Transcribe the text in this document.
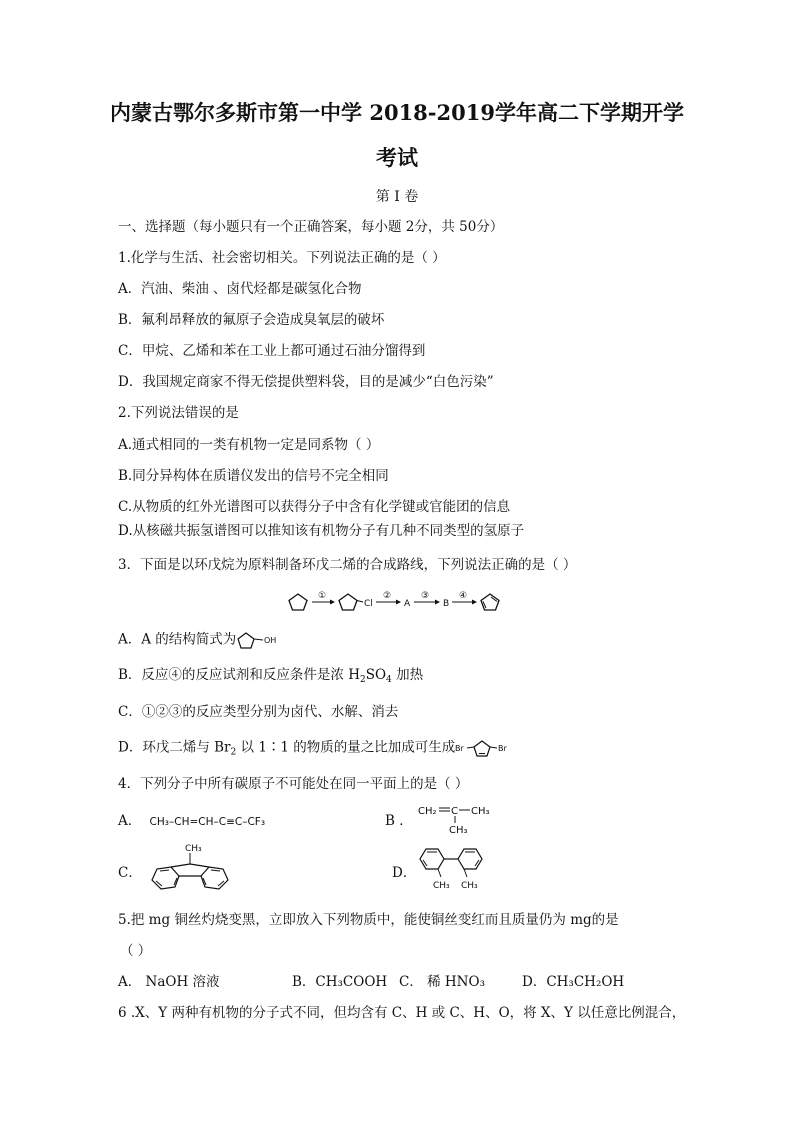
内蒙古鄂尔多斯市第一中学 2018-2019学年高二下学期开学
考试
第 Ⅰ 卷
一、选择题（每小题只有一个正确答案，每小题 2分，共 50分）
1.化学与生活、社会密切相关。下列说法正确的是（ ）
A．汽油、柴油 、卤代烃都是碳氢化合物
B．氟利昂释放的氟原子会造成臭氧层的破坏
C．甲烷、乙烯和苯在工业上都可通过石油分馏得到
D．我国规定商家不得无偿提供塑料袋，目的是减少“白色污染”
2.下列说法错误的是
A.通式相同的一类有机物一定是同系物（ ）
B.同分异构体在质谱仪发出的信号不完全相同
C.从物质的红外光谱图可以获得分子中含有化学键或官能团的信息
D.从核磁共振氢谱图可以推知该有机物分子有几种不同类型的氢原子
3．下面是以环戊烷为原料制备环戊二烯的合成路线，下列说法正确的是（ ）
①
Cl
②
A
③
B
④
A．A 的结构简式为	OH
B．反应④的反应试剂和反应条件是浓 $H_2SO_4$ 加热
C．①②③的反应类型分别为卤代、水解、消去
D．环戊二烯与 $Br_2$ 以 1∶1 的物质的量之比加成可生成 Br	Br
4．下列分子中所有碳原子不可能处在同一平面上的是（ ）
A． CH₃–CH=CH–C≡C–CF₃	B ．
CH₂ C CH₃
CH₃
C．
CH₃
D．
CH₃ CH₃
5.把 mg 铜丝灼烧变黑，立即放入下列物质中，能使铜丝变红而且质量仍为 mg的是
（ ）
A． NaOH 溶液	B．CH₃COOH C． 稀 HNO₃	D．CH₃CH₂OH
6 .X、Y 两种有机物的分子式不同，但均含有 C、H 或 C、H、O，将 X、Y 以任意比例混合，
